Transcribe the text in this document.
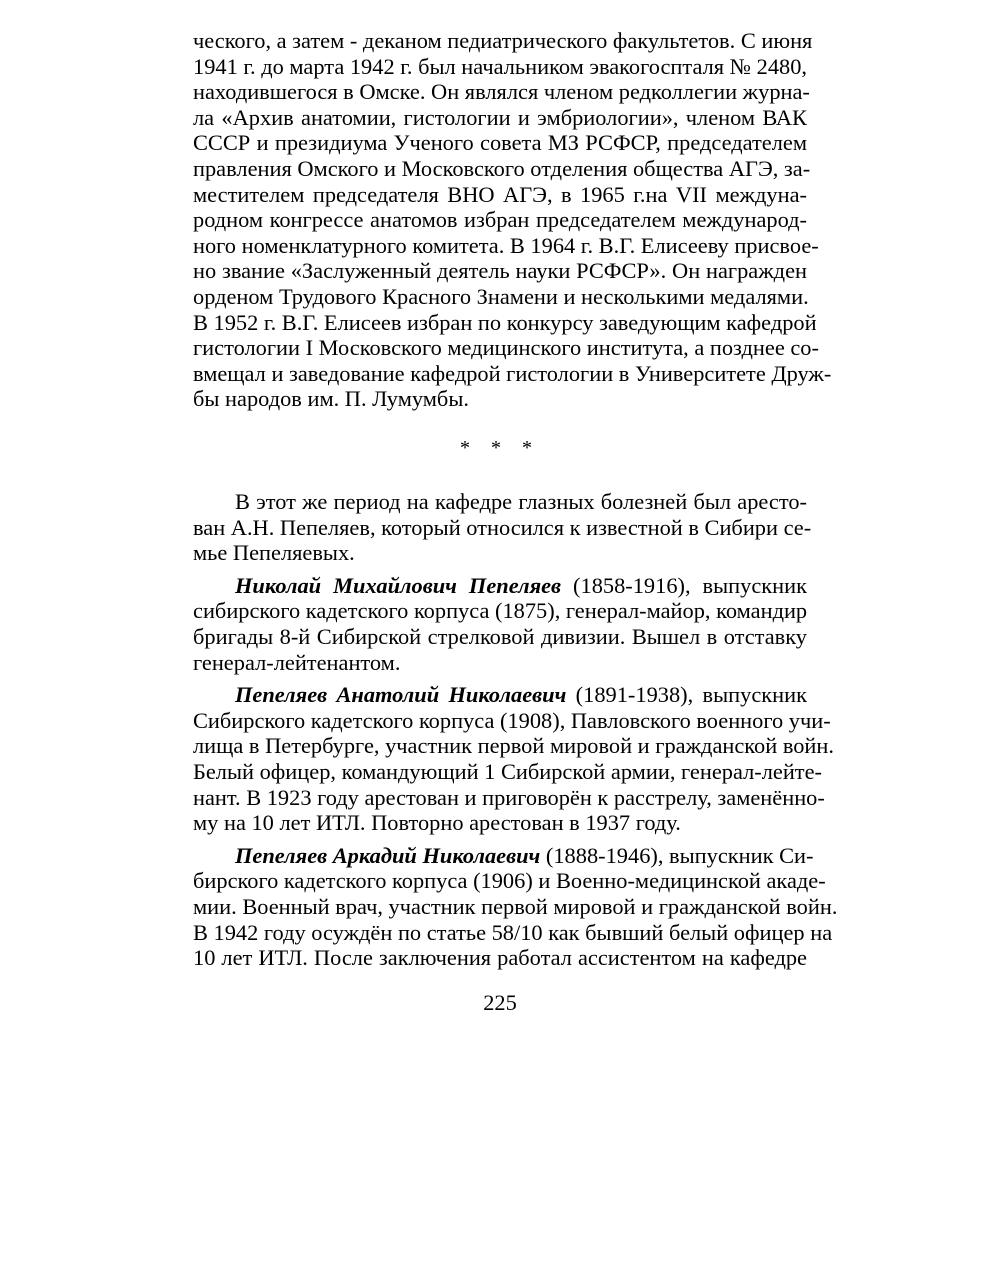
ческого, а затем - деканом педиатрического факультетов. С июня
1941 г. до марта 1942 г. был начальником эвакогоспталя № 2480,
находившегося в Омске. Он являлся членом редколлегии журна-
ла «Архив анатомии, гистологии и эмбриологии», членом ВАК
СССР и президиума Ученого совета МЗ РСФСР, председателем
правления Омского и Московского отделения общества АГЭ, за-
местителем председателя ВНО АГЭ, в 1965 г.на VII междуна-
родном конгрессе анатомов избран председателем международ-
ного номенклатурного комитета. В 1964 г. В.Г. Елисееву присвое-
но звание «Заслуженный деятель науки РСФСР». Он награжден
орденом Трудового Красного Знамени и несколькими медалями.
В 1952 г. В.Г. Елисеев избран по конкурсу заведующим кафедрой
гистологии I Московского медицинского института, а позднее со-
вмещал и заведование кафедрой гистологии в Университете Друж-
бы народов им. П. Лумумбы.
* * *
В этот же период на кафедре глазных болезней был аресто-
ван А.Н. Пепеляев, который относился к известной в Сибири се-
мье Пепеляевых.
Николай Михайлович Пепеляев (1858-1916), выпускник
сибирского кадетского корпуса (1875), генерал-майор, командир
бригады 8-й Сибирской стрелковой дивизии. Вышел в отставку
генерал-лейтенантом.
Пепеляев Анатолий Николаевич (1891-1938), выпускник
Сибирского кадетского корпуса (1908), Павловского военного учи-
лища в Петербурге, участник первой мировой и гражданской войн.
Белый офицер, командующий 1 Сибирской армии, генерал-лейте-
нант. В 1923 году арестован и приговорён к расстрелу, заменённо-
му на 10 лет ИТЛ. Повторно арестован в 1937 году.
Пепеляев Аркадий Николаевич (1888-1946), выпускник Си-
бирского кадетского корпуса (1906) и Военно-медицинской акаде-
мии. Военный врач, участник первой мировой и гражданской войн.
В 1942 году осуждён по статье 58/10 как бывший белый офицер на
10 лет ИТЛ. После заключения работал ассистентом на кафедре
225
